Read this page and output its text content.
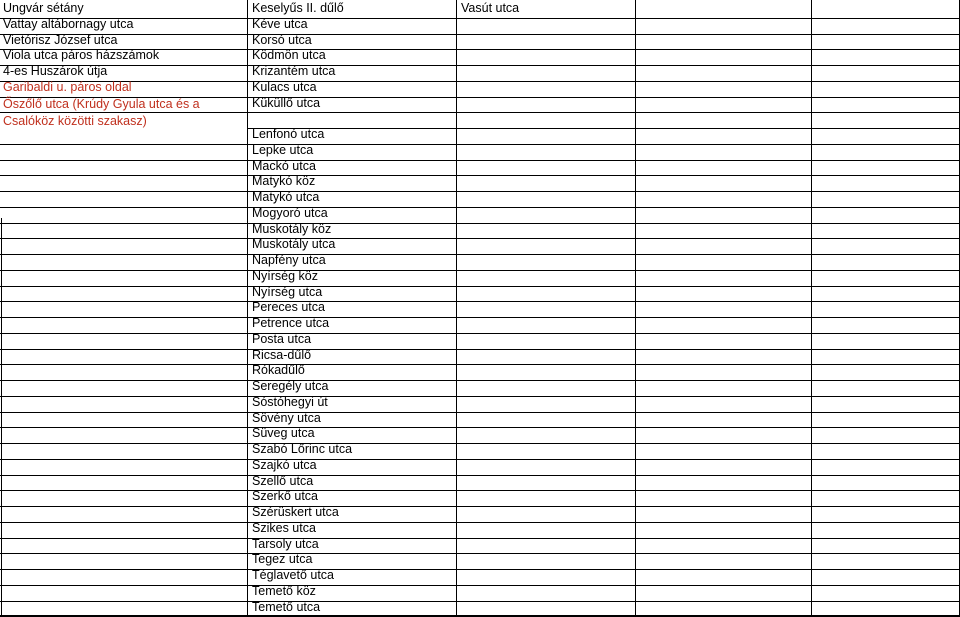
Ungvár sétány
Vattay altábornagy utca
Vietórisz József utca
Viola utca páros házszámok
4-es Huszárok útja
Garibaldi u. páros oldal
Őszőlő utca (Krúdy Gyula utca és a Csalóköz közötti szakasz)
Keselyűs II. dűlő
Kéve utca
Korsó utca
Ködmön utca
Krizantém utca
Kulacs utca
Küküllő utca
Lenfonó utca
Lepke utca
Mackó utca
Matykó köz
Matykó utca
Mogyoró utca
Muskotály köz
Muskotály utca
Napfény utca
Nyírség köz
Nyírség utca
Pereces utca
Petrence utca
Posta utca
Ricsa-dűlő
Rókadűlő
Seregély utca
Sóstóhegyi út
Sövény utca
Süveg utca
Szabó Lőrinc utca
Szajkó utca
Szellő utca
Szerkő utca
Szérüskert utca
Szikes utca
Tarsoly utca
Tegez utca
Téglavető utca
Temető köz
Temető utca
Vasút utca
